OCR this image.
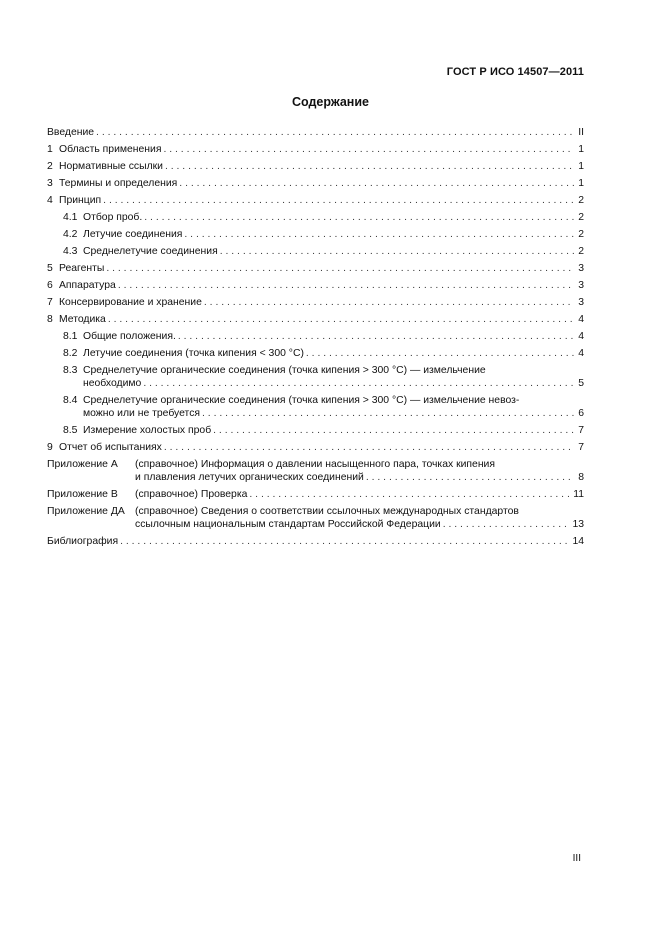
ГОСТ Р ИСО 14507—2011
Содержание
Введение . . .	II
1 Область применения . . .	1
2 Нормативные ссылки . . .	1
3 Термины и определения . . .	1
4 Принцип . . .	2
4.1 Отбор проб. . . .	2
4.2 Летучие соединения . . .	2
4.3 Среднелетучие соединения . . .	2
5 Реагенты . . .	3
6 Аппаратура . . .	3
7 Консервирование и хранение . . .	3
8 Методика . . .	4
8.1 Общие положения. . . .	4
8.2 Летучие соединения (точка кипения < 300 °С) . . .	4
8.3 Среднелетучие органические соединения (точка кипения > 300 °С) — измельчение
необходимо . . .	5
8.4 Среднелетучие органические соединения (точка кипения > 300 °С) — измельчение невоз-
можно или не требуется . . .	6
8.5 Измерение холостых проб . . .	7
9 Отчет об испытаниях . . .	7
Приложение А	(справочное) Информация о давлении насыщенного пара, точках кипения
и плавления летучих органических соединений . . .	8
Приложение В	(справочное) Проверка . . .	11
Приложение ДА (справочное) Сведения о соответствии ссылочных международных стандартов
ссылочным национальным стандартам Российской Федерации . . .	13
Библиография . . .	14
III
